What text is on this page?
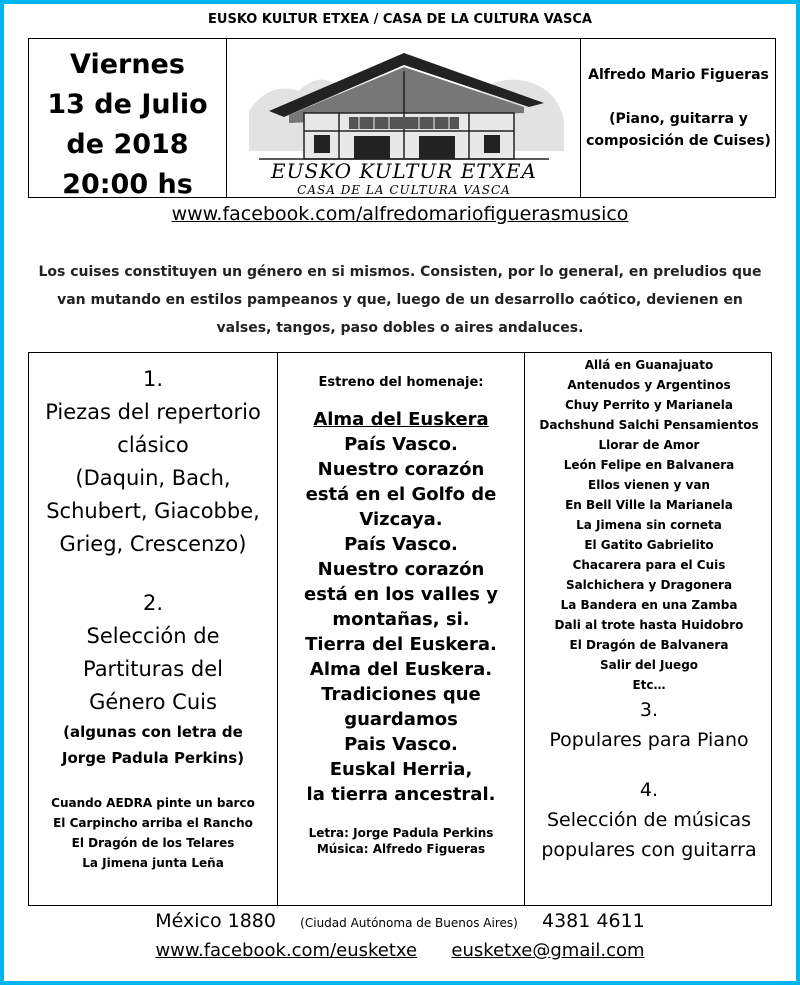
EUSKO KULTUR ETXEA / CASA DE LA CULTURA VASCA
Viernes
13 de Julio
de 2018
20:00 hs	EUSKO KULTUR ETXEA
CASA DE LA CULTURA VASCA
Alfredo Mario Figueras
(Piano, guitarra y
composición de Cuises)
www.facebook.com/alfredomariofiguerasmusico
Los cuises constituyen un género en si mismos. Consisten, por lo general, en preludios que
van mutando en estilos pampeanos y que, luego de un desarrollo caótico, devienen en
valses, tangos, paso dobles o aires andaluces.
1.
Piezas del repertorio
clásico
(Daquin, Bach,
Schubert, Giacobbe,
Grieg, Crescenzo)
2.
Selección de
Partituras del
Género Cuis
(algunas con letra de
Jorge Padula Perkins)
Cuando AEDRA pinte un barco
El Carpincho arriba el Rancho
El Dragón de los Telares
La Jimena junta Leña
Estreno del homenaje:
Alma del Euskera
País Vasco.
Nuestro corazón
está en el Golfo de
Vizcaya.
País Vasco.
Nuestro corazón
está en los valles y
montañas, si.
Tierra del Euskera.
Alma del Euskera.
Tradiciones que
guardamos
Pais Vasco.
Euskal Herria,
la tierra ancestral.
Letra: Jorge Padula Perkins
Música: Alfredo Figueras
Allá en Guanajuato
Antenudos y Argentinos
Chuy Perrito y Marianela
Dachshund Salchi Pensamientos
Llorar de Amor
León Felipe en Balvanera
Ellos vienen y van
En Bell Ville la Marianela
La Jimena sin corneta
El Gatito Gabrielito
Chacarera para el Cuis
Salchichera y Dragonera
La Bandera en una Zamba
Dali al trote hasta Huidobro
El Dragón de Balvanera
Salir del Juego
Etc…
3.
Populares para Piano
4.
Selección de músicas
populares con guitarra
México 1880 (Ciudad Autónoma de Buenos Aires) 4381 4611
www.facebook.com/eusketxe eusketxe@gmail.com
